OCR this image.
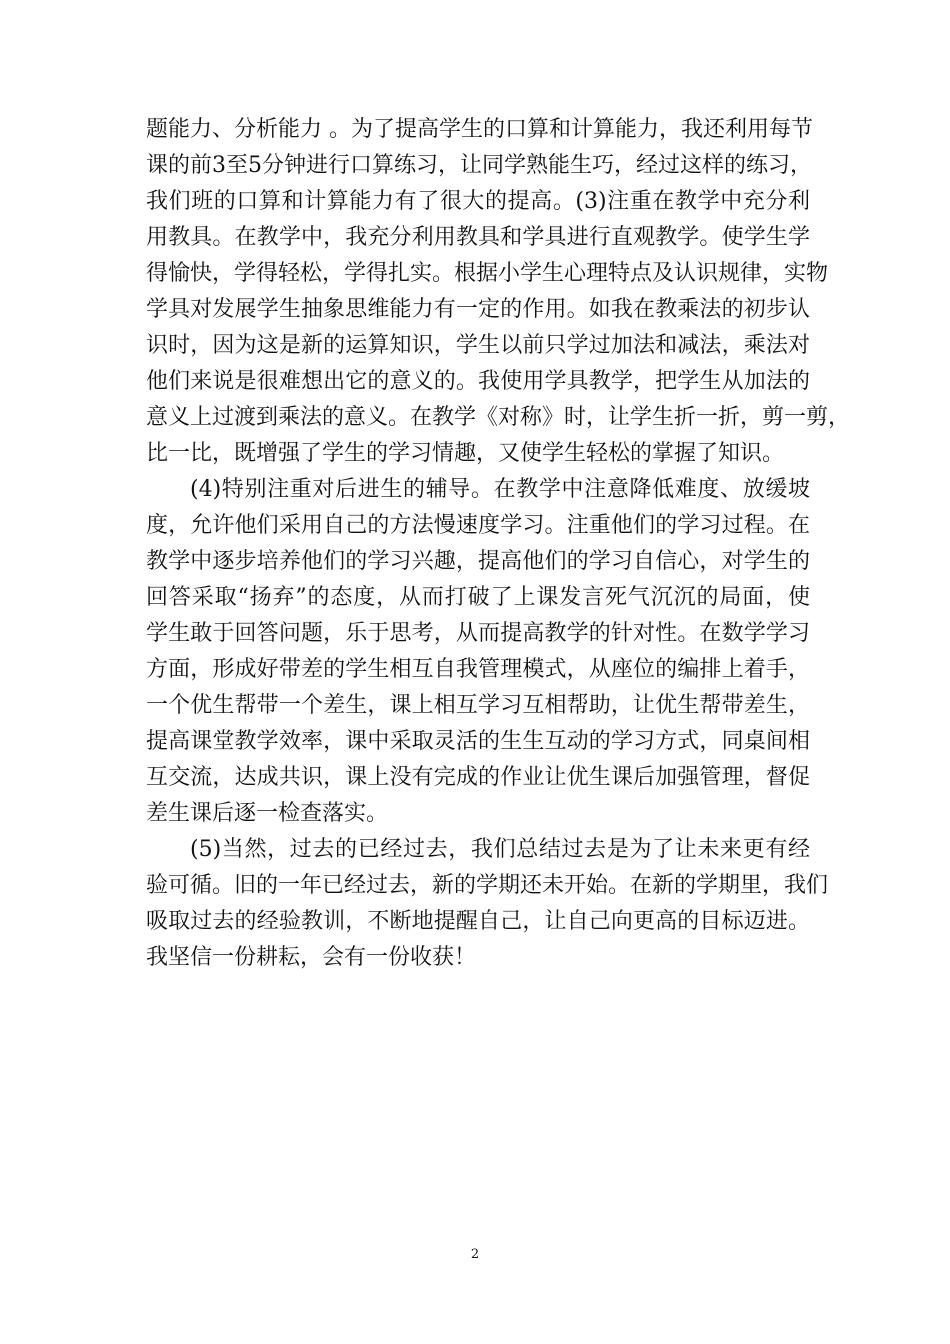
题能力、分析能力 。为了提高学生的口算和计算能力，我还利用每节
课的前3至5分钟进行口算练习，让同学熟能生巧，经过这样的练习，
我们班的口算和计算能力有了很大的提高。(3)注重在教学中充分利
用教具。在教学中，我充分利用教具和学具进行直观教学。使学生学
得愉快，学得轻松，学得扎实。根据小学生心理特点及认识规律，实物
学具对发展学生抽象思维能力有一定的作用。如我在教乘法的初步认
识时，因为这是新的运算知识，学生以前只学过加法和减法，乘法对
他们来说是很难想出它的意义的。我使用学具教学，把学生从加法的
意义上过渡到乘法的意义。在教学《对称》时，让学生折一折，剪一剪，
比一比，既增强了学生的学习情趣，又使学生轻松的掌握了知识。
(4)特别注重对后进生的辅导。在教学中注意降低难度、放缓坡
度，允许他们采用自己的方法慢速度学习。注重他们的学习过程。在
教学中逐步培养他们的学习兴趣，提高他们的学习自信心，对学生的
回答采取“扬弃”的态度，从而打破了上课发言死气沉沉的局面，使
学生敢于回答问题，乐于思考，从而提高教学的针对性。在数学学习
方面，形成好带差的学生相互自我管理模式，从座位的编排上着手，
一个优生帮带一个差生，课上相互学习互相帮助，让优生帮带差生，
提高课堂教学效率，课中采取灵活的生生互动的学习方式，同桌间相
互交流，达成共识，课上没有完成的作业让优生课后加强管理，督促
差生课后逐一检查落实。
(5)当然，过去的已经过去，我们总结过去是为了让未来更有经
验可循。旧的一年已经过去，新的学期还未开始。在新的学期里，我们
吸取过去的经验教训，不断地提醒自己，让自己向更高的目标迈进。
我坚信一份耕耘，会有一份收获！
2
